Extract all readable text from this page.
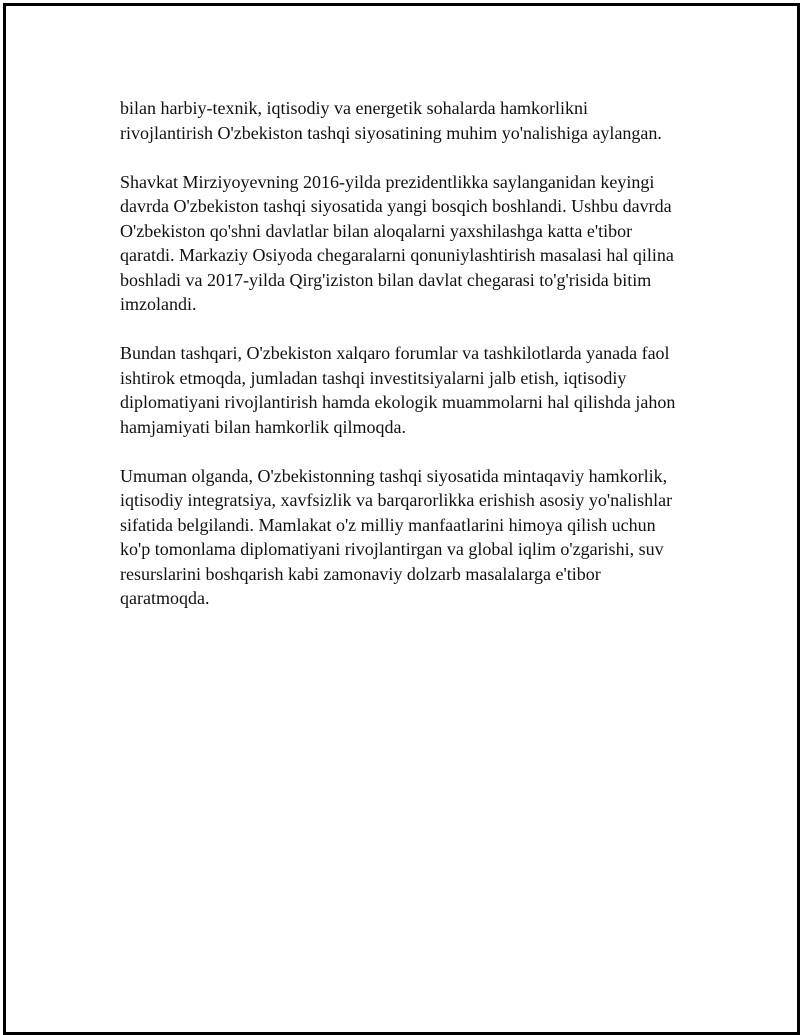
bilan harbiy-texnik, iqtisodiy va energetik sohalarda hamkorlikni
rivojlantirish O'zbekiston tashqi siyosatining muhim yo'nalishiga aylangan.

Shavkat Mirziyoyevning 2016-yilda prezidentlikka saylanganidan keyingi
davrda O'zbekiston tashqi siyosatida yangi bosqich boshlandi. Ushbu davrda
O'zbekiston qo'shni davlatlar bilan aloqalarni yaxshilashga katta e'tibor
qaratdi. Markaziy Osiyoda chegaralarni qonuniylashtirish masalasi hal qilina
boshladi va 2017-yilda Qirg'iziston bilan davlat chegarasi to'g'risida bitim
imzolandi.

Bundan tashqari, O'zbekiston xalqaro forumlar va tashkilotlarda yanada faol
ishtirok etmoqda, jumladan tashqi investitsiyalarni jalb etish, iqtisodiy
diplomatiyani rivojlantirish hamda ekologik muammolarni hal qilishda jahon
hamjamiyati bilan hamkorlik qilmoqda.

Umuman olganda, O'zbekistonning tashqi siyosatida mintaqaviy hamkorlik,
iqtisodiy integratsiya, xavfsizlik va barqarorlikka erishish asosiy yo'nalishlar
sifatida belgilandi. Mamlakat o'z milliy manfaatlarini himoya qilish uchun
ko'p tomonlama diplomatiyani rivojlantirgan va global iqlim o'zgarishi, suv
resurslarini boshqarish kabi zamonaviy dolzarb masalalarga e'tibor
qaratmoqda.
